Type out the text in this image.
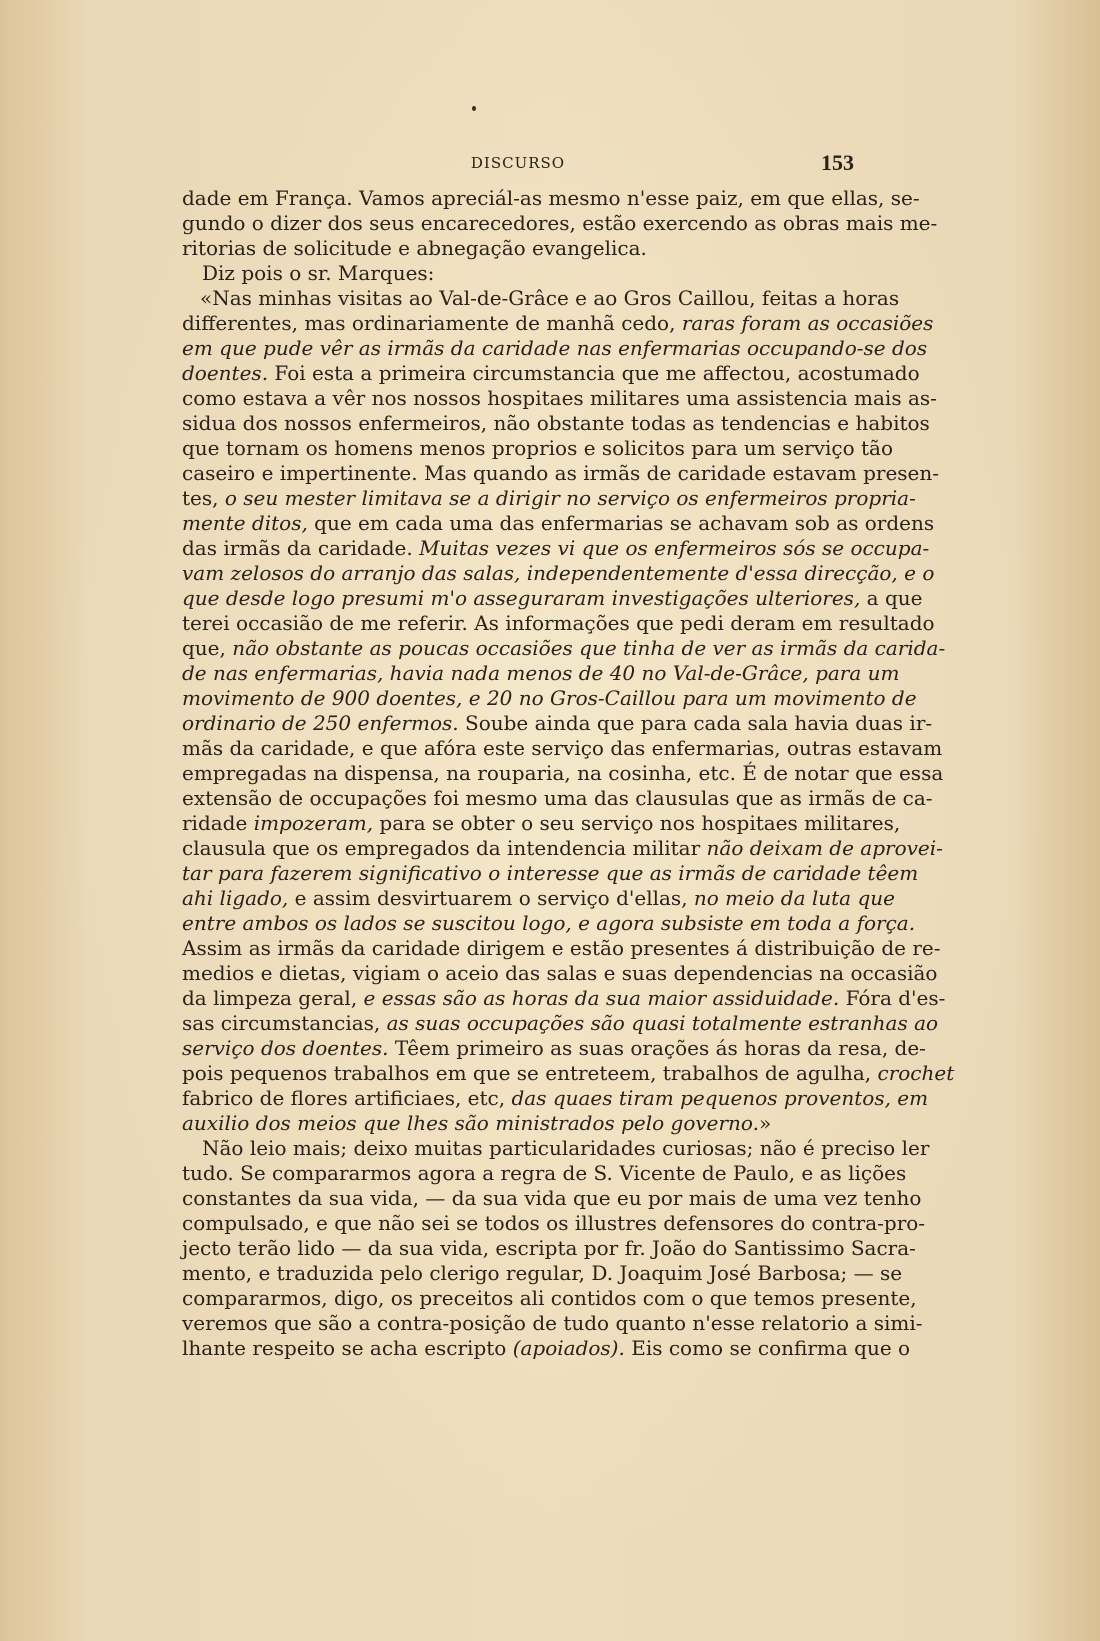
DISCURSO	153
dade em França. Vamos apreciál-as mesmo n'esse paiz, em que ellas, se-
gundo o dizer dos seus encarecedores, estão exercendo as obras mais me-
ritorias de solicitude e abnegação evangelica.
Diz pois o sr. Marques:
«Nas minhas visitas ao Val-de-Grâce e ao Gros Caillou, feitas a horas
differentes, mas ordinariamente de manhã cedo, raras foram as occasiões
em que pude vêr as irmãs da caridade nas enfermarias occupando-se dos
doentes. Foi esta a primeira circumstancia que me affectou, acostumado
como estava a vêr nos nossos hospitaes militares uma assistencia mais as-
sidua dos nossos enfermeiros, não obstante todas as tendencias e habitos
que tornam os homens menos proprios e solicitos para um serviço tão
caseiro e impertinente. Mas quando as irmãs de caridade estavam presen-
tes, o seu mester limitava se a dirigir no serviço os enfermeiros propria-
mente ditos, que em cada uma das enfermarias se achavam sob as ordens
das irmãs da caridade. Muitas vezes vi que os enfermeiros sós se occupa-
vam zelosos do arranjo das salas, independentemente d'essa direcção, e o
que desde logo presumi m'o asseguraram investigações ulteriores, a que
terei occasião de me referir. As informações que pedi deram em resultado
que, não obstante as poucas occasiões que tinha de ver as irmãs da carida-
de nas enfermarias, havia nada menos de 40 no Val-de-Grâce, para um
movimento de 900 doentes, e 20 no Gros-Caillou para um movimento de
ordinario de 250 enfermos. Soube ainda que para cada sala havia duas ir-
mãs da caridade, e que afóra este serviço das enfermarias, outras estavam
empregadas na dispensa, na rouparia, na cosinha, etc. É de notar que essa
extensão de occupações foi mesmo uma das clausulas que as irmãs de ca-
ridade impozeram, para se obter o seu serviço nos hospitaes militares,
clausula que os empregados da intendencia militar não deixam de aprovei-
tar para fazerem significativo o interesse que as irmãs de caridade têem
ahi ligado, e assim desvirtuarem o serviço d'ellas, no meio da luta que
entre ambos os lados se suscitou logo, e agora subsiste em toda a força.
Assim as irmãs da caridade dirigem e estão presentes á distribuição de re-
medios e dietas, vigiam o aceio das salas e suas dependencias na occasião
da limpeza geral, e essas são as horas da sua maior assiduidade. Fóra d'es-
sas circumstancias, as suas occupações são quasi totalmente estranhas ao
serviço dos doentes. Têem primeiro as suas orações ás horas da resa, de-
pois pequenos trabalhos em que se entreteem, trabalhos de agulha, crochet
fabrico de flores artificiaes, etc, das quaes tiram pequenos proventos, em
auxilio dos meios que lhes são ministrados pelo governo.»
Não leio mais; deixo muitas particularidades curiosas; não é preciso ler
tudo. Se compararmos agora a regra de S. Vicente de Paulo, e as lições
constantes da sua vida, — da sua vida que eu por mais de uma vez tenho
compulsado, e que não sei se todos os illustres defensores do contra-pro-
jecto terão lido — da sua vida, escripta por fr. João do Santissimo Sacra-
mento, e traduzida pelo clerigo regular, D. Joaquim José Barbosa; — se
compararmos, digo, os preceitos ali contidos com o que temos presente,
veremos que são a contra-posição de tudo quanto n'esse relatorio a simi-
lhante respeito se acha escripto (apoiados). Eis como se confirma que o
